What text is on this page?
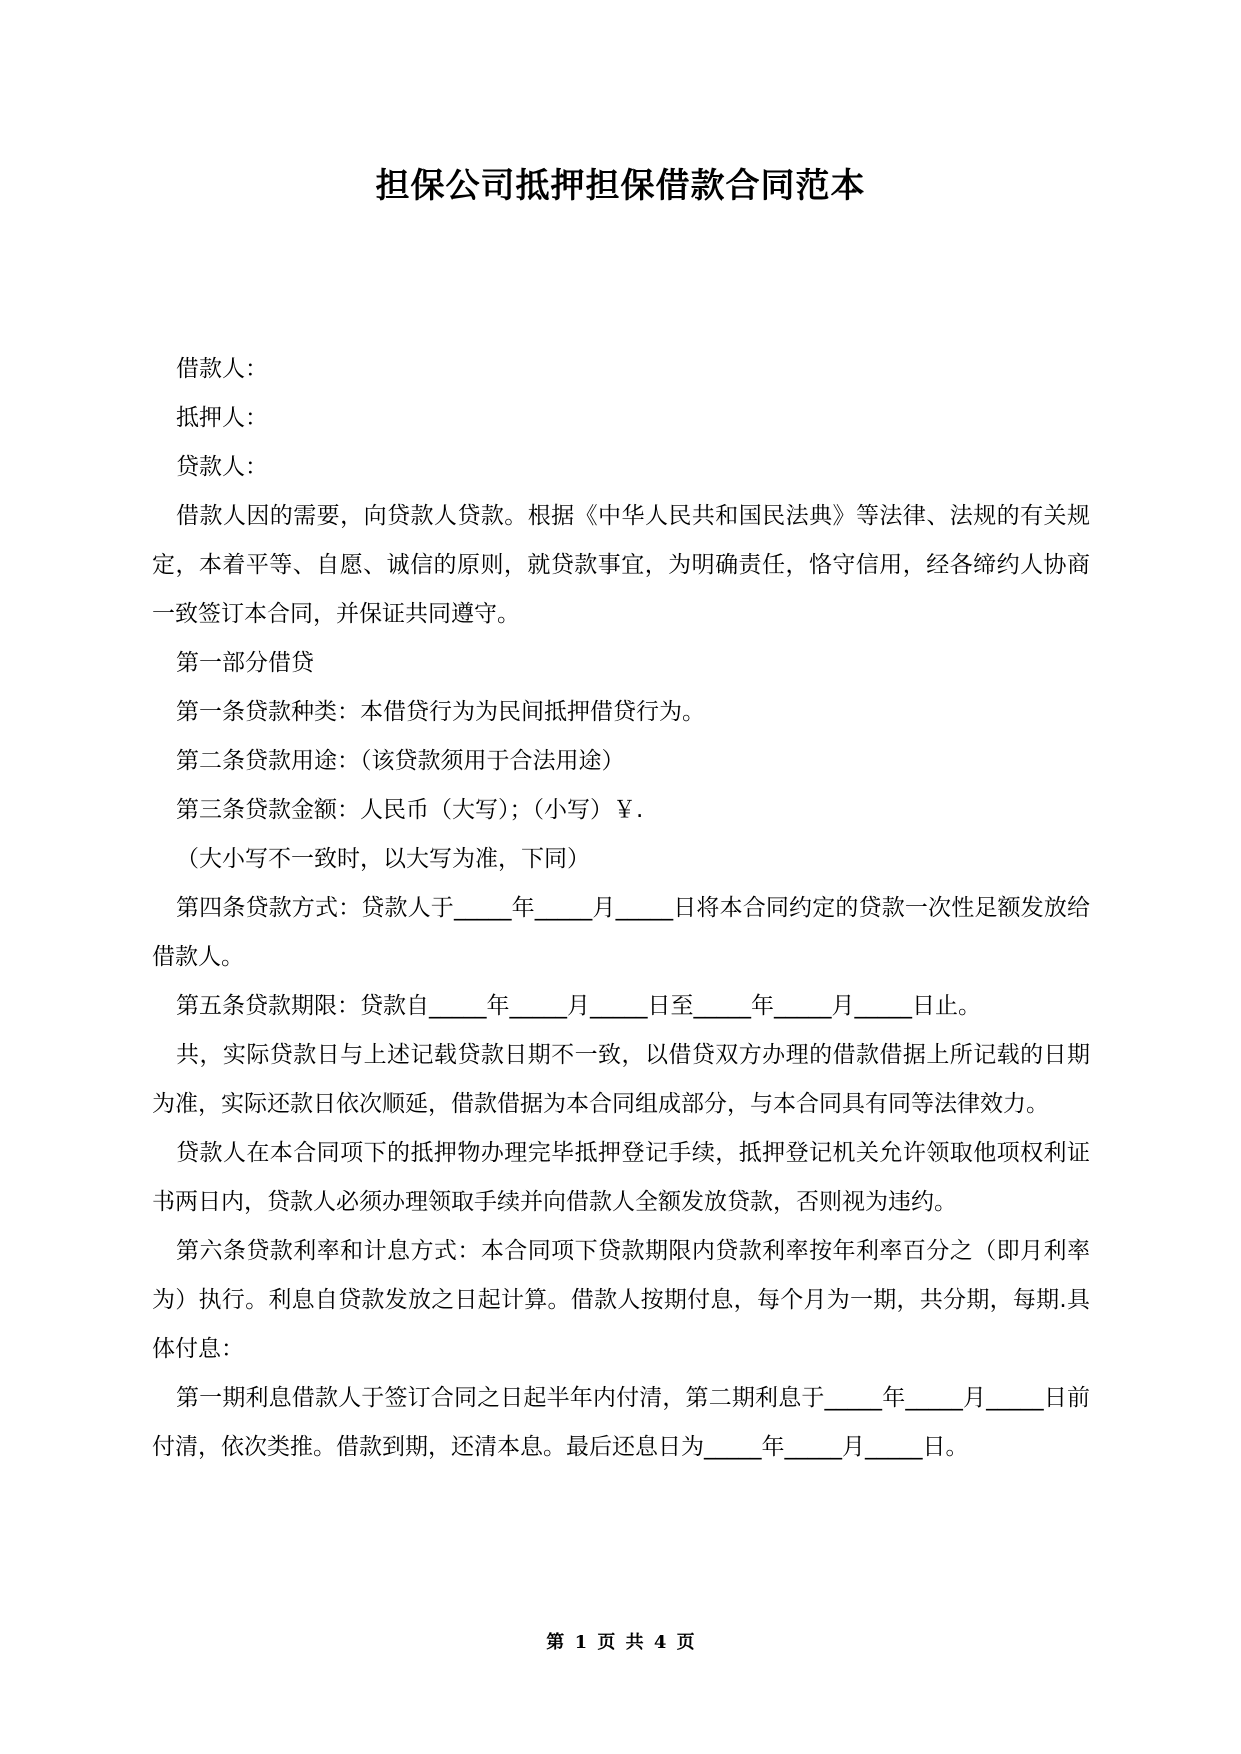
担保公司抵押担保借款合同范本

借款人：

抵押人：

贷款人：

借款人因的需要，向贷款人贷款。根据《中华人民共和国民法典》等法律、法规的有关规定，本着平等、自愿、诚信的原则，就贷款事宜，为明确责任，恪守信用，经各缔约人协商一致签订本合同，并保证共同遵守。

第一部分借贷

第一条贷款种类：本借贷行为为民间抵押借贷行为。

第二条贷款用途：（该贷款须用于合法用途）

第三条贷款金额：人民币（大写）；（小写）￥.

（大小写不一致时，以大写为准，下同）

第四条贷款方式：贷款人于_____年_____月_____日将本合同约定的贷款一次性足额发放给借款人。

第五条贷款期限：贷款自_____年_____月_____日至_____年_____月_____日止。

共，实际贷款日与上述记载贷款日期不一致，以借贷双方办理的借款借据上所记载的日期为准，实际还款日依次顺延，借款借据为本合同组成部分，与本合同具有同等法律效力。

贷款人在本合同项下的抵押物办理完毕抵押登记手续，抵押登记机关允许领取他项权利证书两日内，贷款人必须办理领取手续并向借款人全额发放贷款，否则视为违约。

第六条贷款利率和计息方式：本合同项下贷款期限内贷款利率按年利率百分之（即月利率为）执行。利息自贷款发放之日起计算。借款人按期付息，每个月为一期，共分期，每期.具体付息：

第一期利息借款人于签订合同之日起半年内付清，第二期利息于_____年_____月_____日前付清，依次类推。借款到期，还清本息。最后还息日为_____年_____月_____日。

第 1 页 共 4 页
